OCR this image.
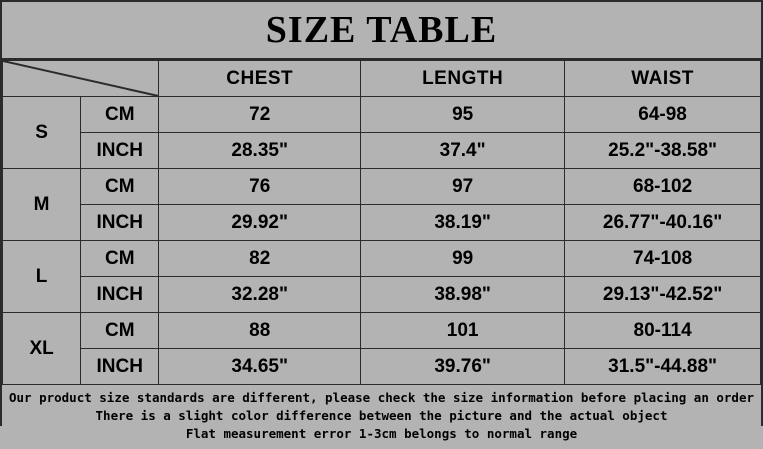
SIZE TABLE
	CHEST	LENGTH	WAIST
S	CM	72	95	64-98
	INCH	28.35"	37.4"	25.2"-38.58"
M	CM	76	97	68-102
	INCH	29.92"	38.19"	26.77"-40.16"
L	CM	82	99	74-108
	INCH	32.28"	38.98"	29.13"-42.52"
XL	CM	88	101	80-114
	INCH	34.65"	39.76"	31.5"-44.88"
Our product size standards are different, please check the size information before placing an order
There is a slight color difference between the picture and the actual object
Flat measurement error 1-3cm belongs to normal range
